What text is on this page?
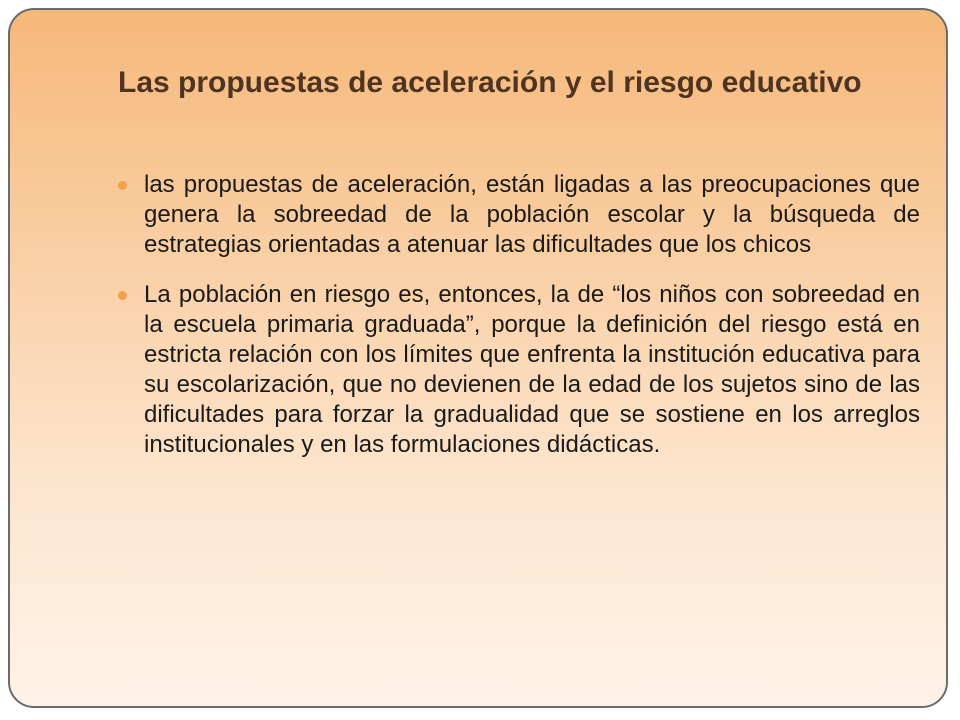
Las propuestas de aceleración y el riesgo educativo
las propuestas de aceleración, están ligadas a las preocupaciones que genera la sobreedad de la población escolar y la búsqueda de estrategias orientadas a atenuar las dificultades que los chicos
La población en riesgo es, entonces, la de “los niños con sobreedad en la escuela primaria graduada”, porque la definición del riesgo está en estricta relación con los límites que enfrenta la institución educativa para su escolarización, que no devienen de la edad de los sujetos sino de las dificultades para forzar la gradualidad que se sostiene en los arreglos institucionales y en las formulaciones didácticas.
